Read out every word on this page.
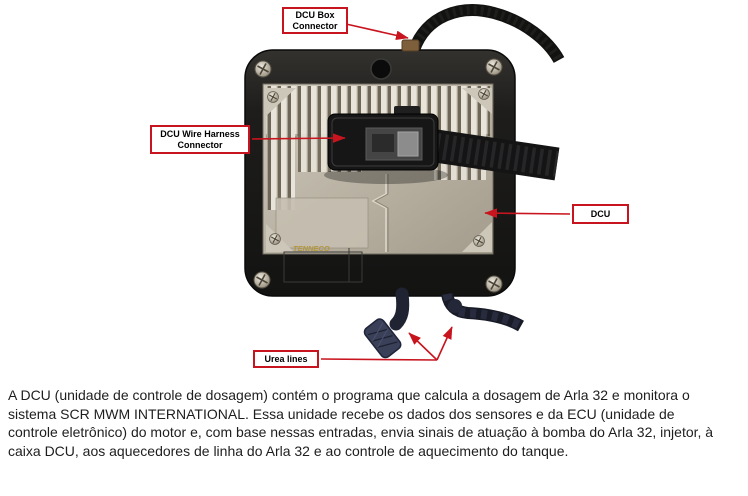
TENNECO
DCU Box Connector
DCU Wire Harness Connector
DCU
Urea lines
A DCU (unidade de controle de dosagem) contém o programa que calcula a dosagem de Arla 32 e monitora o sistema SCR MWM INTERNATIONAL. Essa unidade recebe os dados dos sensores e da ECU (unidade de controle eletrônico) do motor e, com base nessas entradas, envia sinais de atuação à bomba do Arla 32, injetor, à caixa DCU, aos aquecedores de linha do Arla 32 e ao controle de aquecimento do tanque.
